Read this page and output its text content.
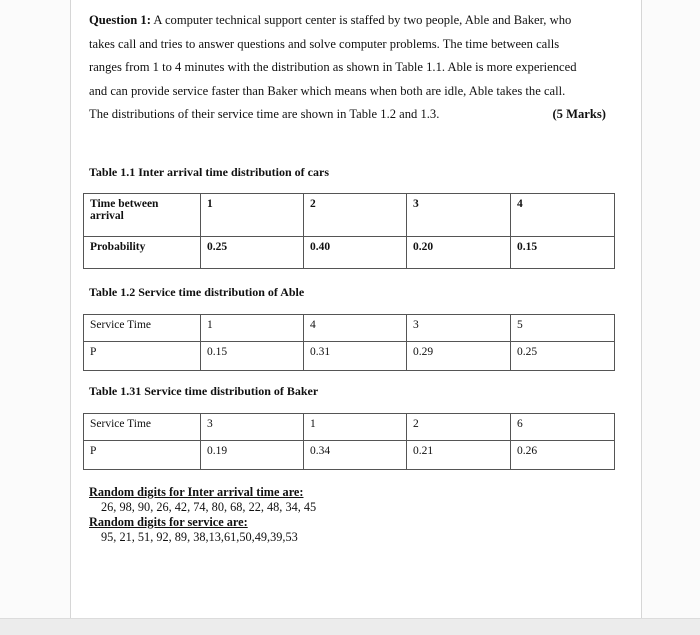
Question 1: A computer technical support center is staffed by two people, Able and Baker, who
takes call and tries to answer questions and solve computer problems. The time between calls
ranges from 1 to 4 minutes with the distribution as shown in Table 1.1. Able is more experienced
and can provide service faster than Baker which means when both are idle, Able takes the call.
The distributions of their service time are shown in Table 1.2 and 1.3.	(5 Marks)
Table 1.1 Inter arrival time distribution of cars
Time between arrival	1	2	3	4
Probability	0.25	0.40	0.20	0.15
Table 1.2 Service time distribution of Able
Service Time	1	4	3	5
P	0.15	0.31	0.29	0.25
Table 1.31 Service time distribution of Baker
Service Time	3	1	2	6
P	0.19	0.34	0.21	0.26
Random digits for Inter arrival time are:
26, 98, 90, 26, 42, 74, 80, 68, 22, 48, 34, 45
Random digits for service are:
95, 21, 51, 92, 89, 38,13,61,50,49,39,53
